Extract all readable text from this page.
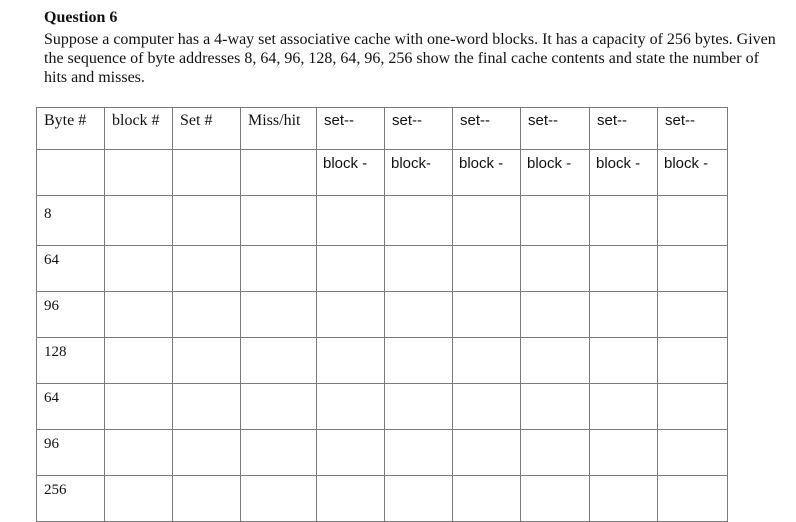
Question 6

Suppose a computer has a 4-way set associative cache with one-word blocks. It has a capacity of 256 bytes. Given the sequence of byte addresses 8, 64, 96, 128, 64, 96, 256 show the final cache contents and state the number of hits and misses.

Byte #	block #	Set #	Miss/hit	set--	set--	set--	set--	set--	set--
				block -	block-	block -	block -	block -	block -
8									
64									
96									
128									
64									
96									
256									
